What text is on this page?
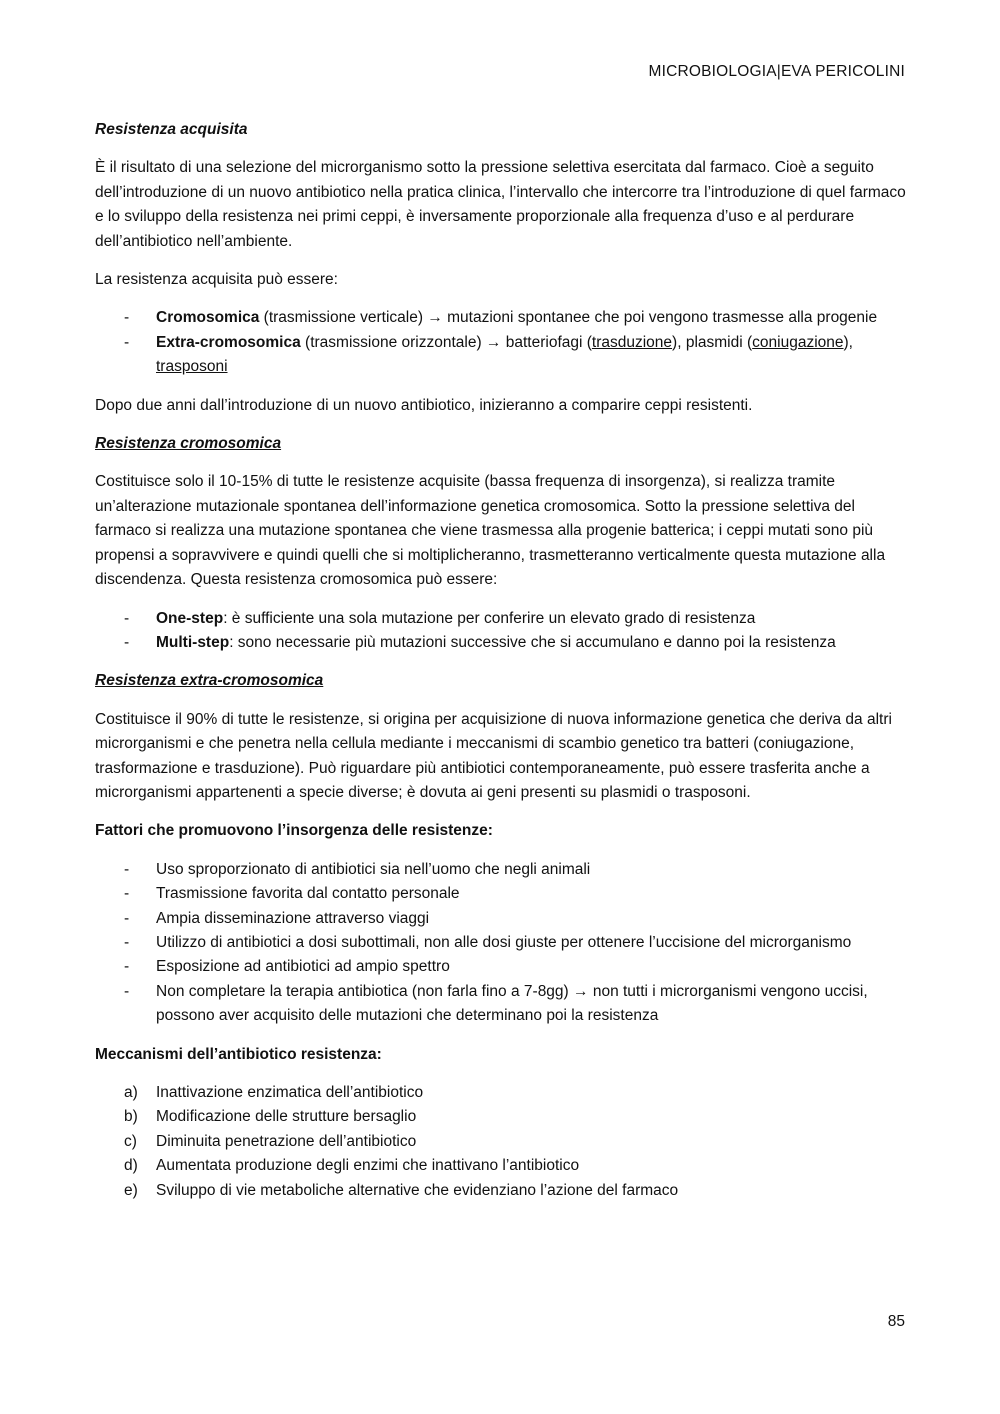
MICROBIOLOGIA|EVA PERICOLINI

Resistenza acquisita

È il risultato di una selezione del microrganismo sotto la pressione selettiva esercitata dal farmaco. Cioè a seguito dell’introduzione di un nuovo antibiotico nella pratica clinica, l’intervallo che intercorre tra l’introduzione di quel farmaco e lo sviluppo della resistenza nei primi ceppi, è inversamente proporzionale alla frequenza d’uso e al perdurare dell’antibiotico nell’ambiente.

La resistenza acquisita può essere:

- Cromosomica (trasmissione verticale) → mutazioni spontanee che poi vengono trasmesse alla progenie
- Extra-cromosomica (trasmissione orizzontale) → batteriofagi (trasduzione), plasmidi (coniugazione), trasposoni

Dopo due anni dall’introduzione di un nuovo antibiotico, inizieranno a comparire ceppi resistenti.

Resistenza cromosomica

Costituisce solo il 10-15% di tutte le resistenze acquisite (bassa frequenza di insorgenza), si realizza tramite un’alterazione mutazionale spontanea dell’informazione genetica cromosomica. Sotto la pressione selettiva del farmaco si realizza una mutazione spontanea che viene trasmessa alla progenie batterica; i ceppi mutati sono più propensi a sopravvivere e quindi quelli che si moltiplicheranno, trasmetteranno verticalmente questa mutazione alla discendenza. Questa resistenza cromosomica può essere:

- One-step: è sufficiente una sola mutazione per conferire un elevato grado di resistenza
- Multi-step: sono necessarie più mutazioni successive che si accumulano e danno poi la resistenza

Resistenza extra-cromosomica

Costituisce il 90% di tutte le resistenze, si origina per acquisizione di nuova informazione genetica che deriva da altri microrganismi e che penetra nella cellula mediante i meccanismi di scambio genetico tra batteri (coniugazione, trasformazione e trasduzione). Può riguardare più antibiotici contemporaneamente, può essere trasferita anche a microrganismi appartenenti a specie diverse; è dovuta ai geni presenti su plasmidi o trasposoni.

Fattori che promuovono l’insorgenza delle resistenze:

- Uso sproporzionato di antibiotici sia nell’uomo che negli animali
- Trasmissione favorita dal contatto personale
- Ampia disseminazione attraverso viaggi
- Utilizzo di antibiotici a dosi subottimali, non alle dosi giuste per ottenere l’uccisione del microrganismo
- Esposizione ad antibiotici ad ampio spettro
- Non completare la terapia antibiotica (non farla fino a 7-8gg) → non tutti i microrganismi vengono uccisi, possono aver acquisito delle mutazioni che determinano poi la resistenza

Meccanismi dell’antibiotico resistenza:

a) Inattivazione enzimatica dell’antibiotico
b) Modificazione delle strutture bersaglio
c) Diminuita penetrazione dell’antibiotico
d) Aumentata produzione degli enzimi che inattivano l’antibiotico
e) Sviluppo di vie metaboliche alternative che evidenziano l’azione del farmaco
85
